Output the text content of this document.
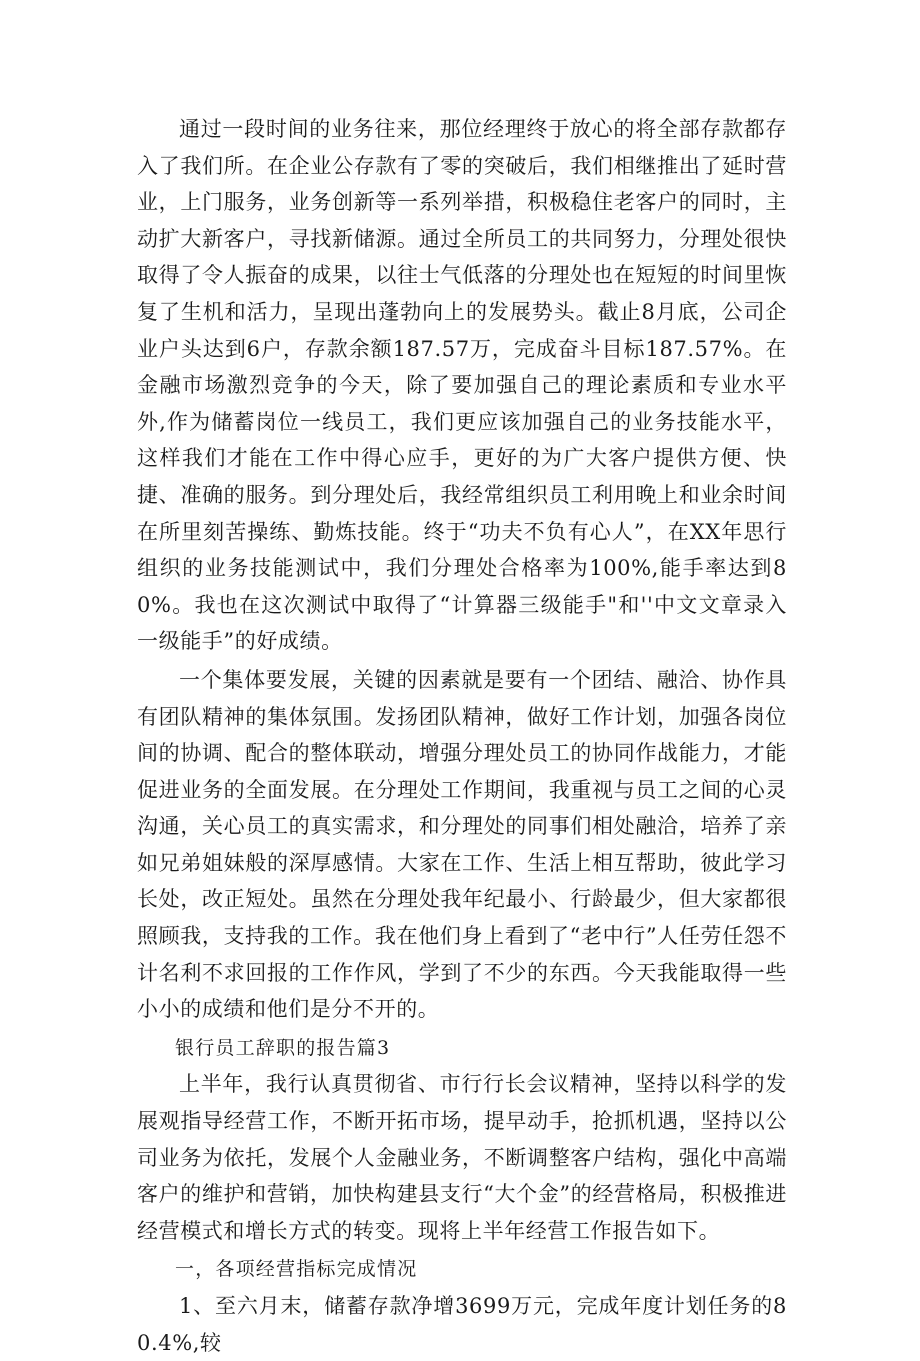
通过一段时间的业务往来，那位经理终于放心的将全部存款都存入了我们所。在企业公存款有了零的突破后，我们相继推出了延时营业，上门服务，业务创新等一系列举措，积极稳住老客户的同时，主动扩大新客户，寻找新储源。通过全所员工的共同努力，分理处很快取得了令人振奋的成果，以往士气低落的分理处也在短短的时间里恢复了生机和活力，呈现出蓬勃向上的发展势头。截止8月底，公司企业户头达到6户，存款余额187.57万，完成奋斗目标187.57%。在金融市场激烈竞争的今天，除了要加强自己的理论素质和专业水平外,作为储蓄岗位一线员工，我们更应该加强自己的业务技能水平，这样我们才能在工作中得心应手，更好的为广大客户提供方便、快捷、准确的服务。到分理处后，我经常组织员工利用晚上和业余时间在所里刻苦操练、勤炼技能。终于“功夫不负有心人”，在XX年思行组织的业务技能测试中，我们分理处合格率为100%,能手率达到80%。我也在这次测试中取得了“计算器三级能手"和''中文文章录入一级能手”的好成绩。

一个集体要发展，关键的因素就是要有一个团结、融洽、协作具有团队精神的集体氛围。发扬团队精神，做好工作计划，加强各岗位间的协调、配合的整体联动，增强分理处员工的协同作战能力，才能促进业务的全面发展。在分理处工作期间，我重视与员工之间的心灵沟通，关心员工的真实需求，和分理处的同事们相处融洽，培养了亲如兄弟姐妹般的深厚感情。大家在工作、生活上相互帮助，彼此学习长处，改正短处。虽然在分理处我年纪最小、行龄最少，但大家都很照顾我，支持我的工作。我在他们身上看到了“老中行”人任劳任怨不计名利不求回报的工作作风，学到了不少的东西。今天我能取得一些小小的成绩和他们是分不开的。

银行员工辞职的报告篇3

上半年，我行认真贯彻省、市行行长会议精神，坚持以科学的发展观指导经营工作，不断开拓市场，提早动手，抢抓机遇，坚持以公司业务为依托，发展个人金融业务，不断调整客户结构，强化中高端客户的维护和营销，加快构建县支行“大个金”的经营格局，积极推进经营模式和增长方式的转变。现将上半年经营工作报告如下。

一，各项经营指标完成情况

1、至六月末，储蓄存款净增3699万元，完成年度计划任务的80.4%,较
